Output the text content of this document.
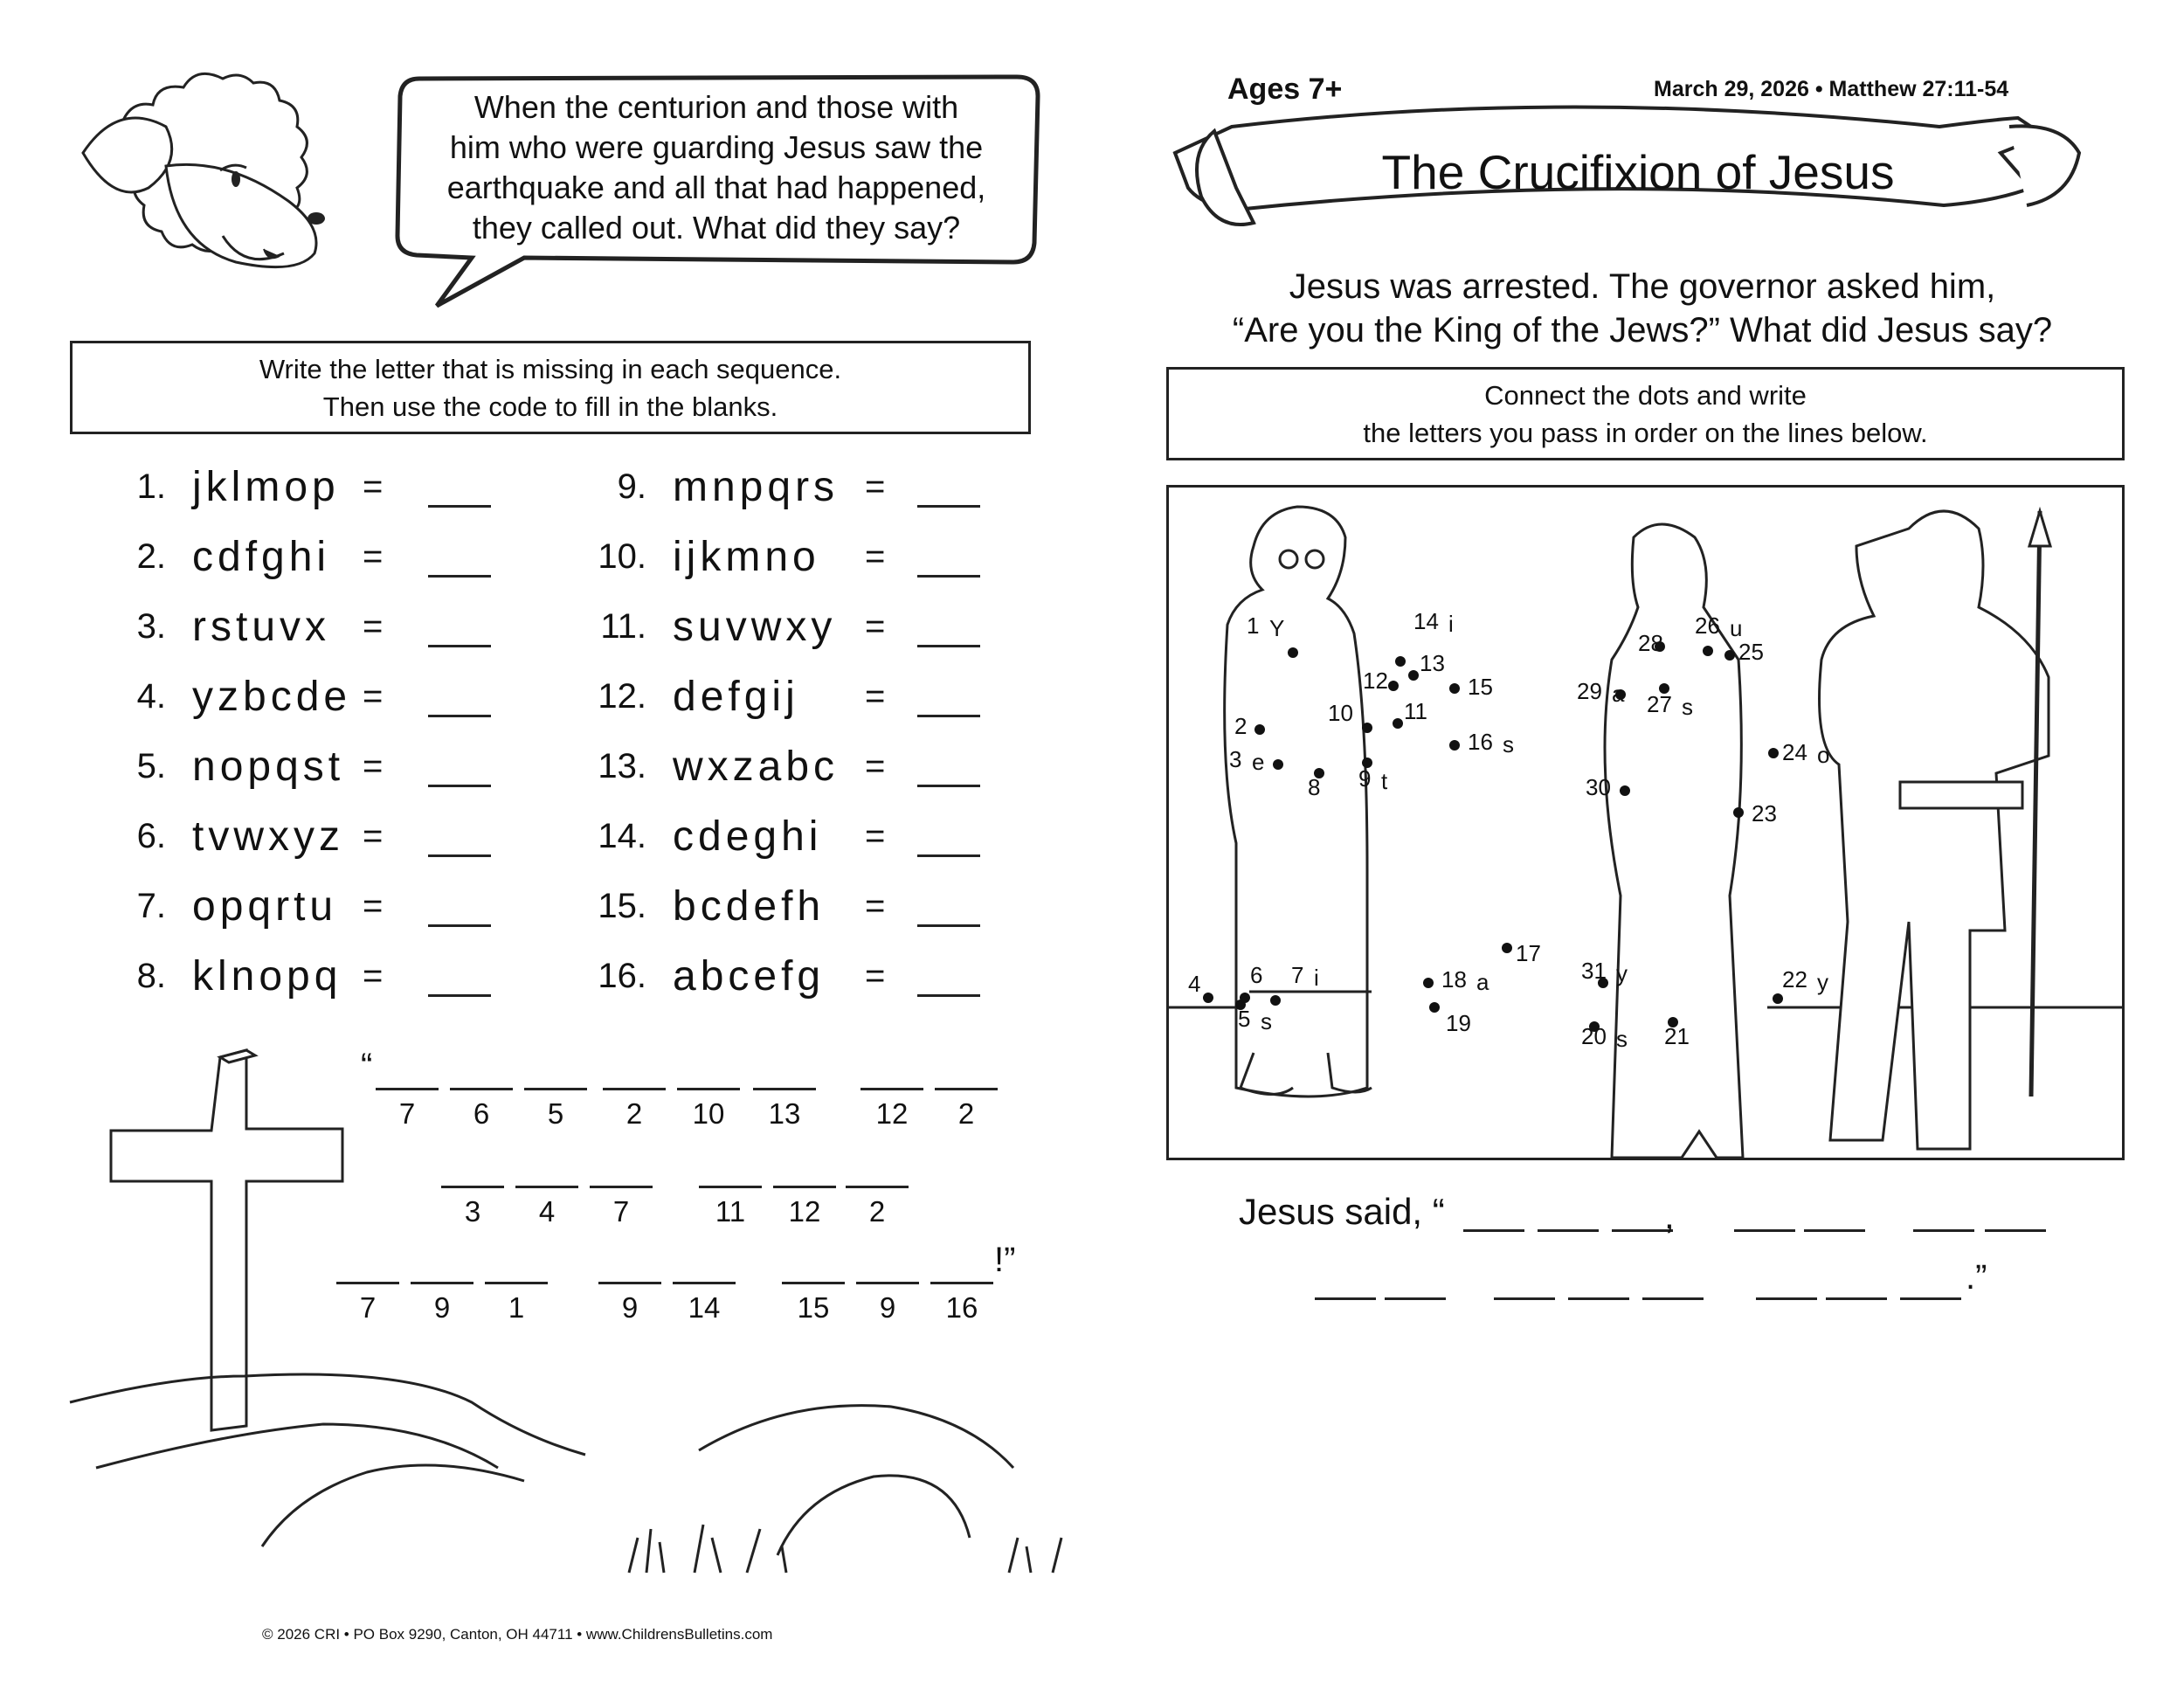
When the centurion and those with
him who were guarding Jesus saw the
earthquake and all that had happened,
they called out. What did they say?
Write the letter that is missing in each sequence.
Then use the code to fill in the blanks.
1. jklmop =
2. cdfghi =
3. rstuvx =
4. yzbcde =
5. nopqst =
6. tvwxyz =
7. opqrtu =
8. klnopq =
9. mnpqrs =
10. ijkmno =
11. suvwxy =
12. defgij =
13. wxzabc =
14. cdeghi =
15. bcdefh =
16. abcefg =
“
7	6	5	2	10	13	12	2
3	4	7	11	12	2
7	9	1	9	14	15	9	16
!”
© 2026 CRI • PO Box 9290, Canton, OH 44711 • www.ChildrensBulletins.com
Ages 7+	March 29, 2026 • Matthew 27:11-54
The Crucifixion of Jesus
Jesus was arrested. The governor asked him,
“Are you the King of the Jews?” What did Jesus say?
Connect the dots and write
the letters you pass in order on the lines below.
1 Y
2
3 e
4
5 s
6 7 i
8 9 t
10 11
12
13
14 i
15
16 s
17
18 a
19	20 s 21
22 y
23
24 o
25
26 u
27 s
28
29 a
30
31 y
Jesus said, “	,
.”
